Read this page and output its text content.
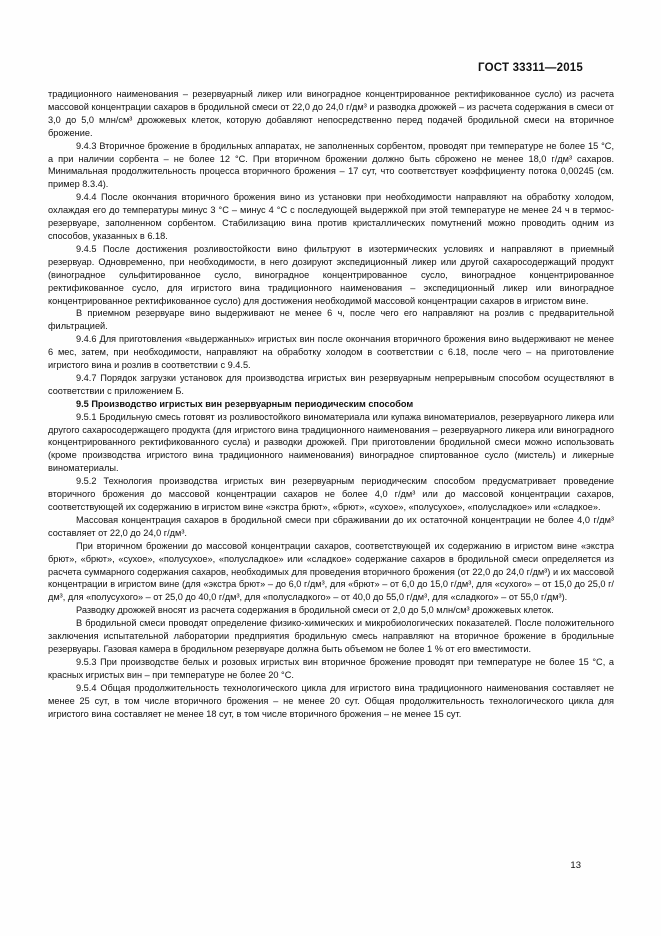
ГОСТ 33311—2015

традиционного наименования – резервуарный ликер или виноградное концентрированное ректификованное сусло) из расчета массовой концентрации сахаров в бродильной смеси от 22,0 до 24,0 г/дм³ и разводка дрожжей – из расчета содержания в смеси от 3,0 до 5,0 млн/см³ дрожжевых клеток, которую добавляют непосредственно перед подачей бродильной смеси на вторичное брожение.

9.4.3 Вторичное брожение в бродильных аппаратах, не заполненных сорбентом, проводят при температуре не более 15 °С, а при наличии сорбента – не более 12 °С. При вторичном брожении должно быть сброжено не менее 18,0 г/дм³ сахаров. Минимальная продолжительность процесса вторичного брожения – 17 сут, что соответствует коэффициенту потока 0,00245 (см. пример 8.3.4).

9.4.4 После окончания вторичного брожения вино из установки при необходимости направляют на обработку холодом, охлаждая его до температуры минус 3 °С – минус 4 °С с последующей выдержкой при этой температуре не менее 24 ч в термос-резервуаре, заполненном сорбентом. Стабилизацию вина против кристаллических помутнений можно проводить одним из способов, указанных в 6.18.

9.4.5 После достижения розливостойкости вино фильтруют в изотермических условиях и направляют в приемный резервуар. Одновременно, при необходимости, в него дозируют экспедиционный ликер или другой сахаросодержащий продукт (виноградное сульфитированное сусло, виноградное концентрированное сусло, виноградное концентрированное ректификованное сусло, для игристого вина традиционного наименования – экспедиционный ликер или виноградное концентрированное ректификованное сусло) для достижения необходимой массовой концентрации сахаров в игристом вине.

В приемном резервуаре вино выдерживают не менее 6 ч, после чего его направляют на розлив с предварительной фильтрацией.

9.4.6 Для приготовления «выдержанных» игристых вин после окончания вторичного брожения вино выдерживают не менее 6 мес, затем, при необходимости, направляют на обработку холодом в соответствии с 6.18, после чего – на приготовление игристого вина и розлив в соответствии с 9.4.5.

9.4.7 Порядок загрузки установок для производства игристых вин резервуарным непрерывным способом осуществляют в соответствии с приложением Б.

9.5 Производство игристых вин резервуарным периодическим способом

9.5.1 Бродильную смесь готовят из розливостойкого виноматериала или купажа виноматериалов, резервуарного ликера или другого сахаросодержащего продукта (для игристого вина традиционного наименования – резервуарного ликера или виноградного концентрированного ректификованного сусла) и разводки дрожжей. При приготовлении бродильной смеси можно использовать (кроме производства игристого вина традиционного наименования) виноградное спиртованное сусло (мистель) и ликерные виноматериалы.

9.5.2 Технология производства игристых вин резервуарным периодическим способом предусматривает проведение вторичного брожения до массовой концентрации сахаров не более 4,0 г/дм³ или до массовой концентрации сахаров, соответствующей их содержанию в игристом вине «экстра брют», «брют», «сухое», «полусухое», «полусладкое» или «сладкое».

Массовая концентрация сахаров в бродильной смеси при сбраживании до их остаточной концентрации не более 4,0 г/дм³ составляет от 22,0 до 24,0 г/дм³.

При вторичном брожении до массовой концентрации сахаров, соответствующей их содержанию в игристом вине «экстра брют», «брют», «сухое», «полусухое», «полусладкое» или «сладкое» содержание сахаров в бродильной смеси определяется из расчета суммарного содержания сахаров, необходимых для проведения вторичного брожения (от 22,0 до 24,0 г/дм³) и их массовой концентрации в игристом вине (для «экстра брют» – до 6,0 г/дм³, для «брют» – от 6,0 до 15,0 г/дм³, для «сухого» – от 15,0 до 25,0 г/дм³, для «полусухого» – от 25,0 до 40,0 г/дм³, для «полусладкого» – от 40,0 до 55,0 г/дм³, для «сладкого» – от 55,0 г/дм³).

Разводку дрожжей вносят из расчета содержания в бродильной смеси от 2,0 до 5,0 млн/см³ дрожжевых клеток.

В бродильной смеси проводят определение физико-химических и микробиологических показателей. После положительного заключения испытательной лаборатории предприятия бродильную смесь направляют на вторичное брожение в бродильные резервуары. Газовая камера в бродильном резервуаре должна быть объемом не более 1 % от его вместимости.

9.5.3 При производстве белых и розовых игристых вин вторичное брожение проводят при температуре не более 15 °С, а красных игристых вин – при температуре не более 20 °С.

9.5.4 Общая продолжительность технологического цикла для игристого вина традиционного наименования составляет не менее 25 сут, в том числе вторичного брожения – не менее 20 сут. Общая продолжительность технологического цикла для игристого вина составляет не менее 18 сут, в том числе вторичного брожения – не менее 15 сут.

13
